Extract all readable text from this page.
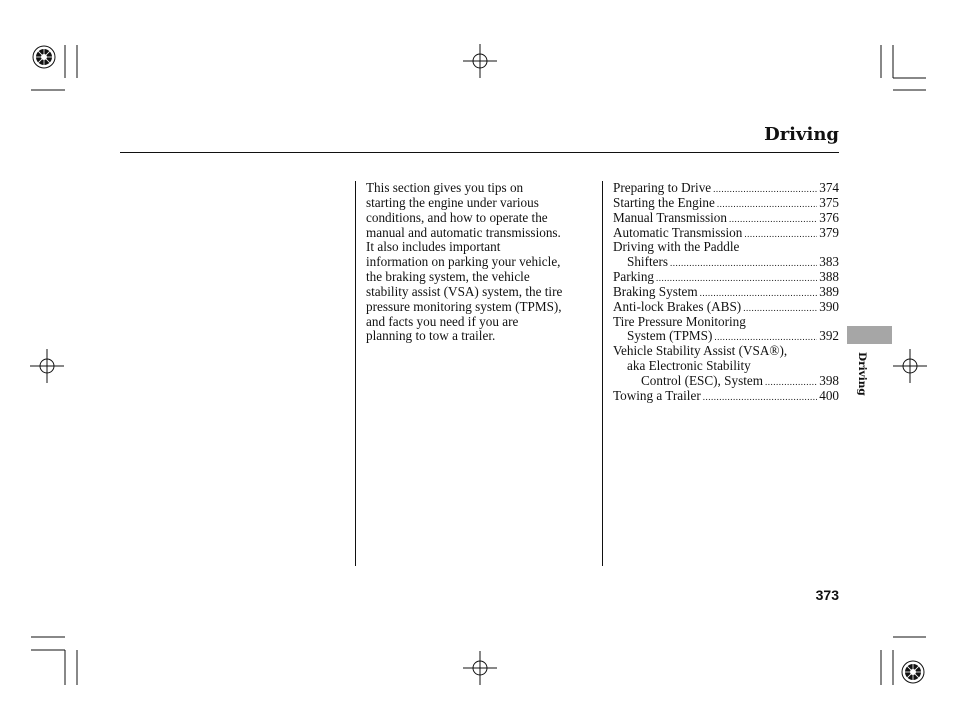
Driving

This section gives you tips on
starting the engine under various
conditions, and how to operate the
manual and automatic transmissions.
It also includes important
information on parking your vehicle,
the braking system, the vehicle
stability assist (VSA) system, the tire
pressure monitoring system (TPMS),
and facts you need if you are
planning to tow a trailer.

Preparing to Drive .....	374
Starting the Engine .....	375
Manual Transmission .....	376
Automatic Transmission .....	379
Driving with the Paddle
Shifters .....	383
Parking .....	388
Braking System .....	389
Anti-lock Brakes (ABS) .....	390
Tire Pressure Monitoring
System (TPMS) .....	392
Vehicle Stability Assist (VSA®),
aka Electronic Stability
Control (ESC), System .....	398
Towing a Trailer .....	400 Driving
373
